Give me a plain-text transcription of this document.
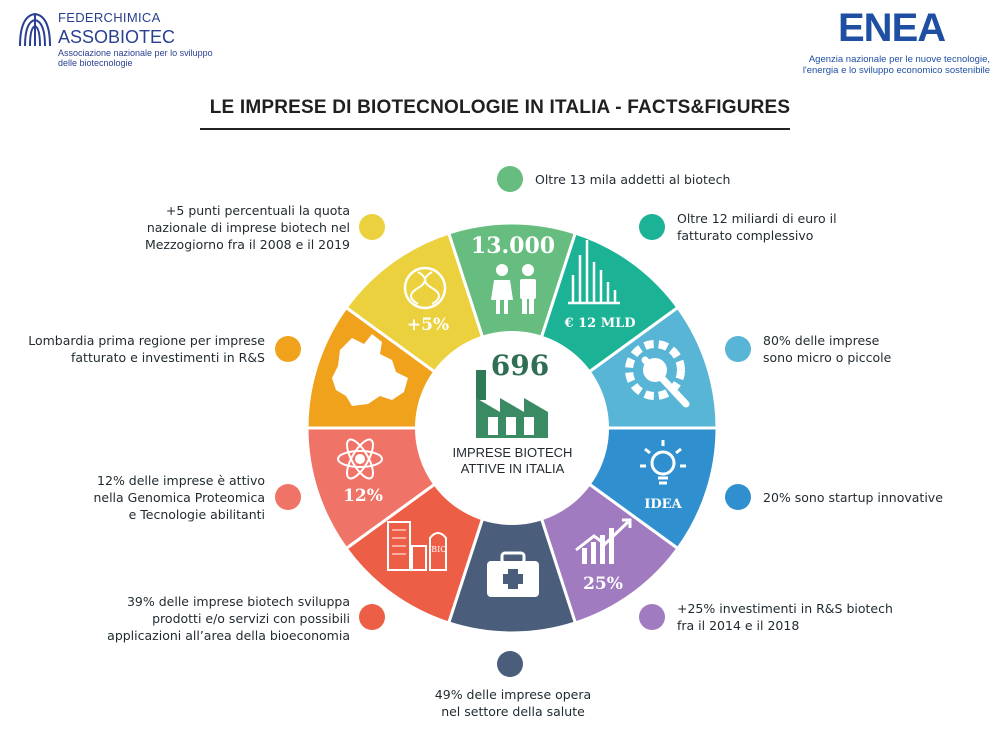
FEDERCHIMICA
ASSOBIOTEC
Associazione nazionale per lo sviluppo delle biotecnologie
ENEA
Agenzia nazionale per le nuove tecnologie, l'energia e lo sviluppo economico sostenibile
LE IMPRESE DI BIOTECNOLOGIE IN ITALIA - FACTS&FIGURES
696
13.000
€ 12 MLD
IDEA
25%
BIO
12%
+5%
IMPRESE BIOTECH ATTIVE IN ITALIA
Oltre 13 mila addetti al biotech
Oltre 12 miliardi di euro il
fatturato complessivo
80% delle imprese
sono micro o piccole
20% sono startup innovative
+25% investimenti in R&S biotech
fra il 2014 e il 2018
49% delle imprese opera
nel settore della salute
39% delle imprese biotech sviluppa
prodotti e/o servizi con possibili
applicazioni all’area della bioeconomia
12% delle imprese è attivo
nella Genomica Proteomica
e Tecnologie abilitanti
Lombardia prima regione per imprese
fatturato e investimenti in R&S
+5 punti percentuali la quota
nazionale di imprese biotech nel
Mezzogiorno fra il 2008 e il 2019
